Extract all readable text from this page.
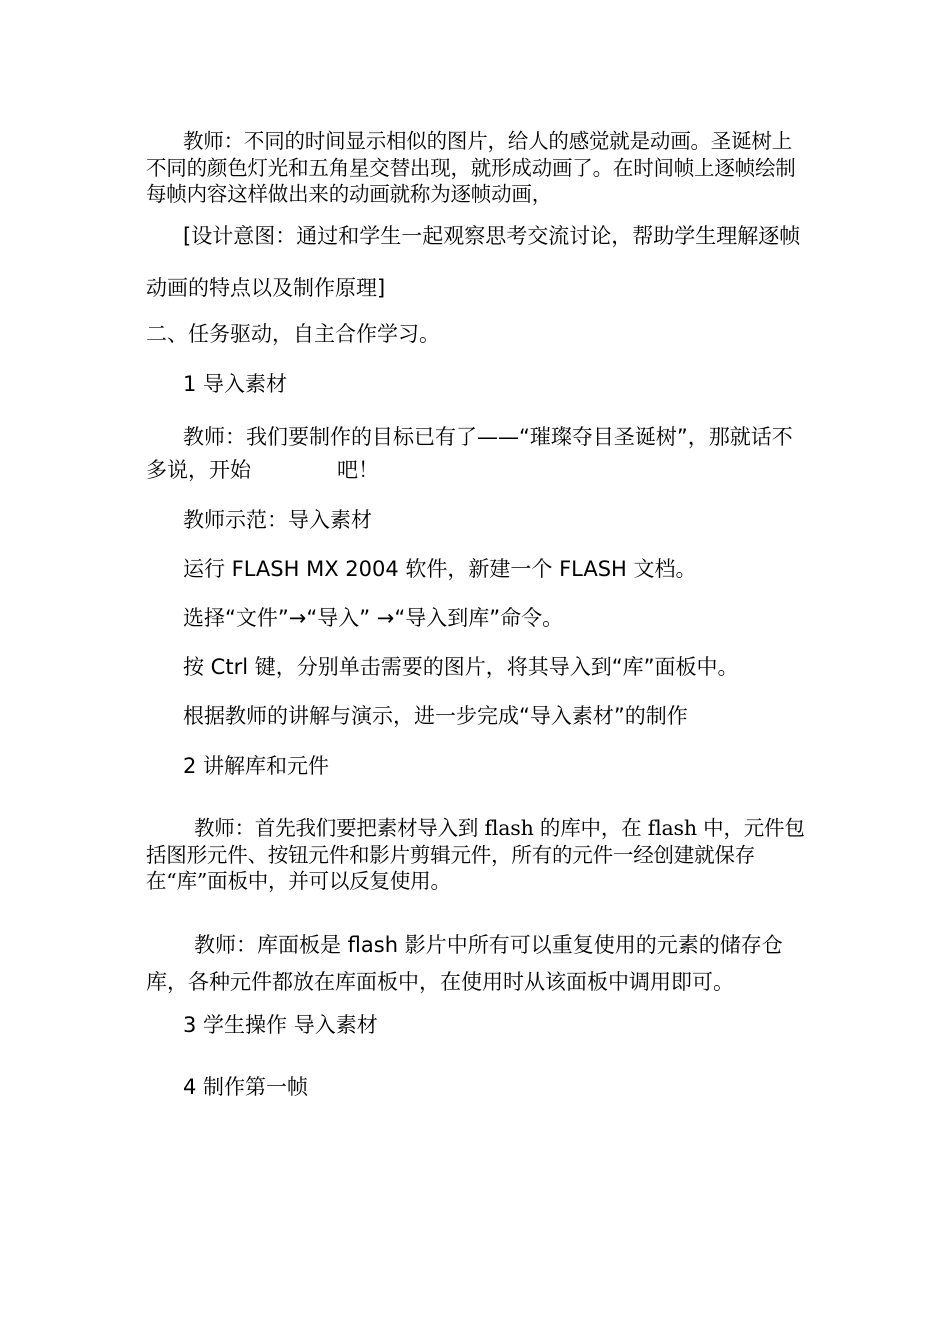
教师：不同的时间显示相似的图片，给人的感觉就是动画。圣诞树上不同的颜色灯光和五角星交替出现，就形成动画了。在时间帧上逐帧绘制每帧内容这样做出来的动画就称为逐帧动画，

[设计意图：通过和学生一起观察思考交流讨论，帮助学生理解逐帧动画的特点以及制作原理]

二、任务驱动，自主合作学习。

1 导入素材

教师：我们要制作的目标已有了——“璀璨夺目圣诞树”，那就话不多说，开始	吧！

教师示范：导入素材

运行 FLASH MX 2004 软件，新建一个 FLASH 文档。

选择“文件”→“导入” →“导入到库”命令。

按 Ctrl 键，分别单击需要的图片，将其导入到“库”面板中。

根据教师的讲解与演示，进一步完成“导入素材”的制作

2 讲解库和元件

教师：首先我们要把素材导入到 flash 的库中，在 flash 中，元件包括图形元件、按钮元件和影片剪辑元件，所有的元件一经创建就保存在“库”面板中，并可以反复使用。

教师：库面板是 flash 影片中所有可以重复使用的元素的储存仓库，各种元件都放在库面板中，在使用时从该面板中调用即可。

3 学生操作 导入素材

4 制作第一帧
